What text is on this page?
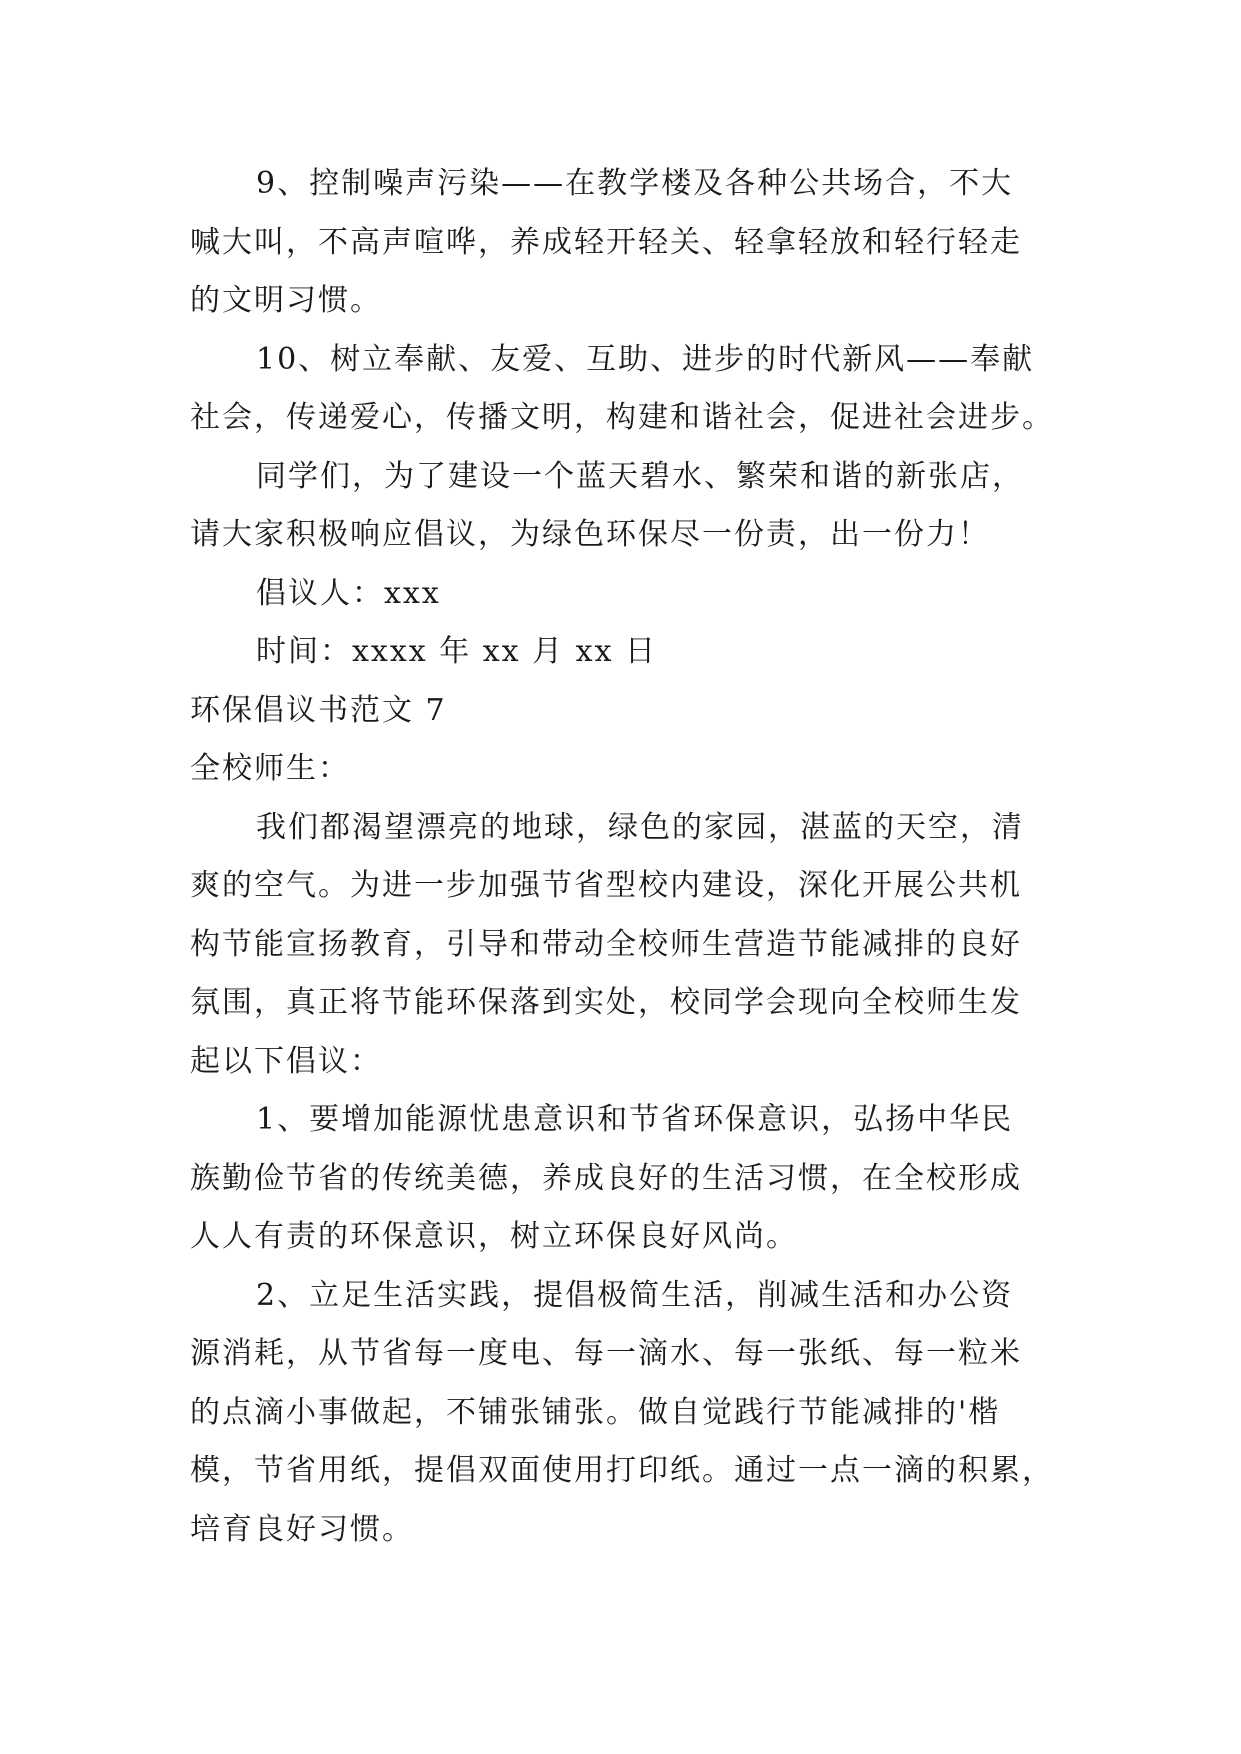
9、控制噪声污染——在教学楼及各种公共场合，不大
喊大叫，不高声喧哗，养成轻开轻关、轻拿轻放和轻行轻走
的文明习惯。
10、树立奉献、友爱、互助、进步的时代新风——奉献
社会，传递爱心，传播文明，构建和谐社会，促进社会进步。
同学们，为了建设一个蓝天碧水、繁荣和谐的新张店，
请大家积极响应倡议，为绿色环保尽一份责，出一份力！
倡议人：xxx
时间：xxxx 年 xx 月 xx 日
环保倡议书范文 7
全校师生：
我们都渴望漂亮的地球，绿色的家园，湛蓝的天空，清
爽的空气。为进一步加强节省型校内建设，深化开展公共机
构节能宣扬教育，引导和带动全校师生营造节能减排的良好
氛围，真正将节能环保落到实处，校同学会现向全校师生发
起以下倡议：
1、要增加能源忧患意识和节省环保意识，弘扬中华民
族勤俭节省的传统美德，养成良好的生活习惯，在全校形成
人人有责的环保意识，树立环保良好风尚。
2、立足生活实践，提倡极简生活，削减生活和办公资
源消耗，从节省每一度电、每一滴水、每一张纸、每一粒米
的点滴小事做起，不铺张铺张。做自觉践行节能减排的'楷
模，节省用纸，提倡双面使用打印纸。通过一点一滴的积累，
培育良好习惯。
